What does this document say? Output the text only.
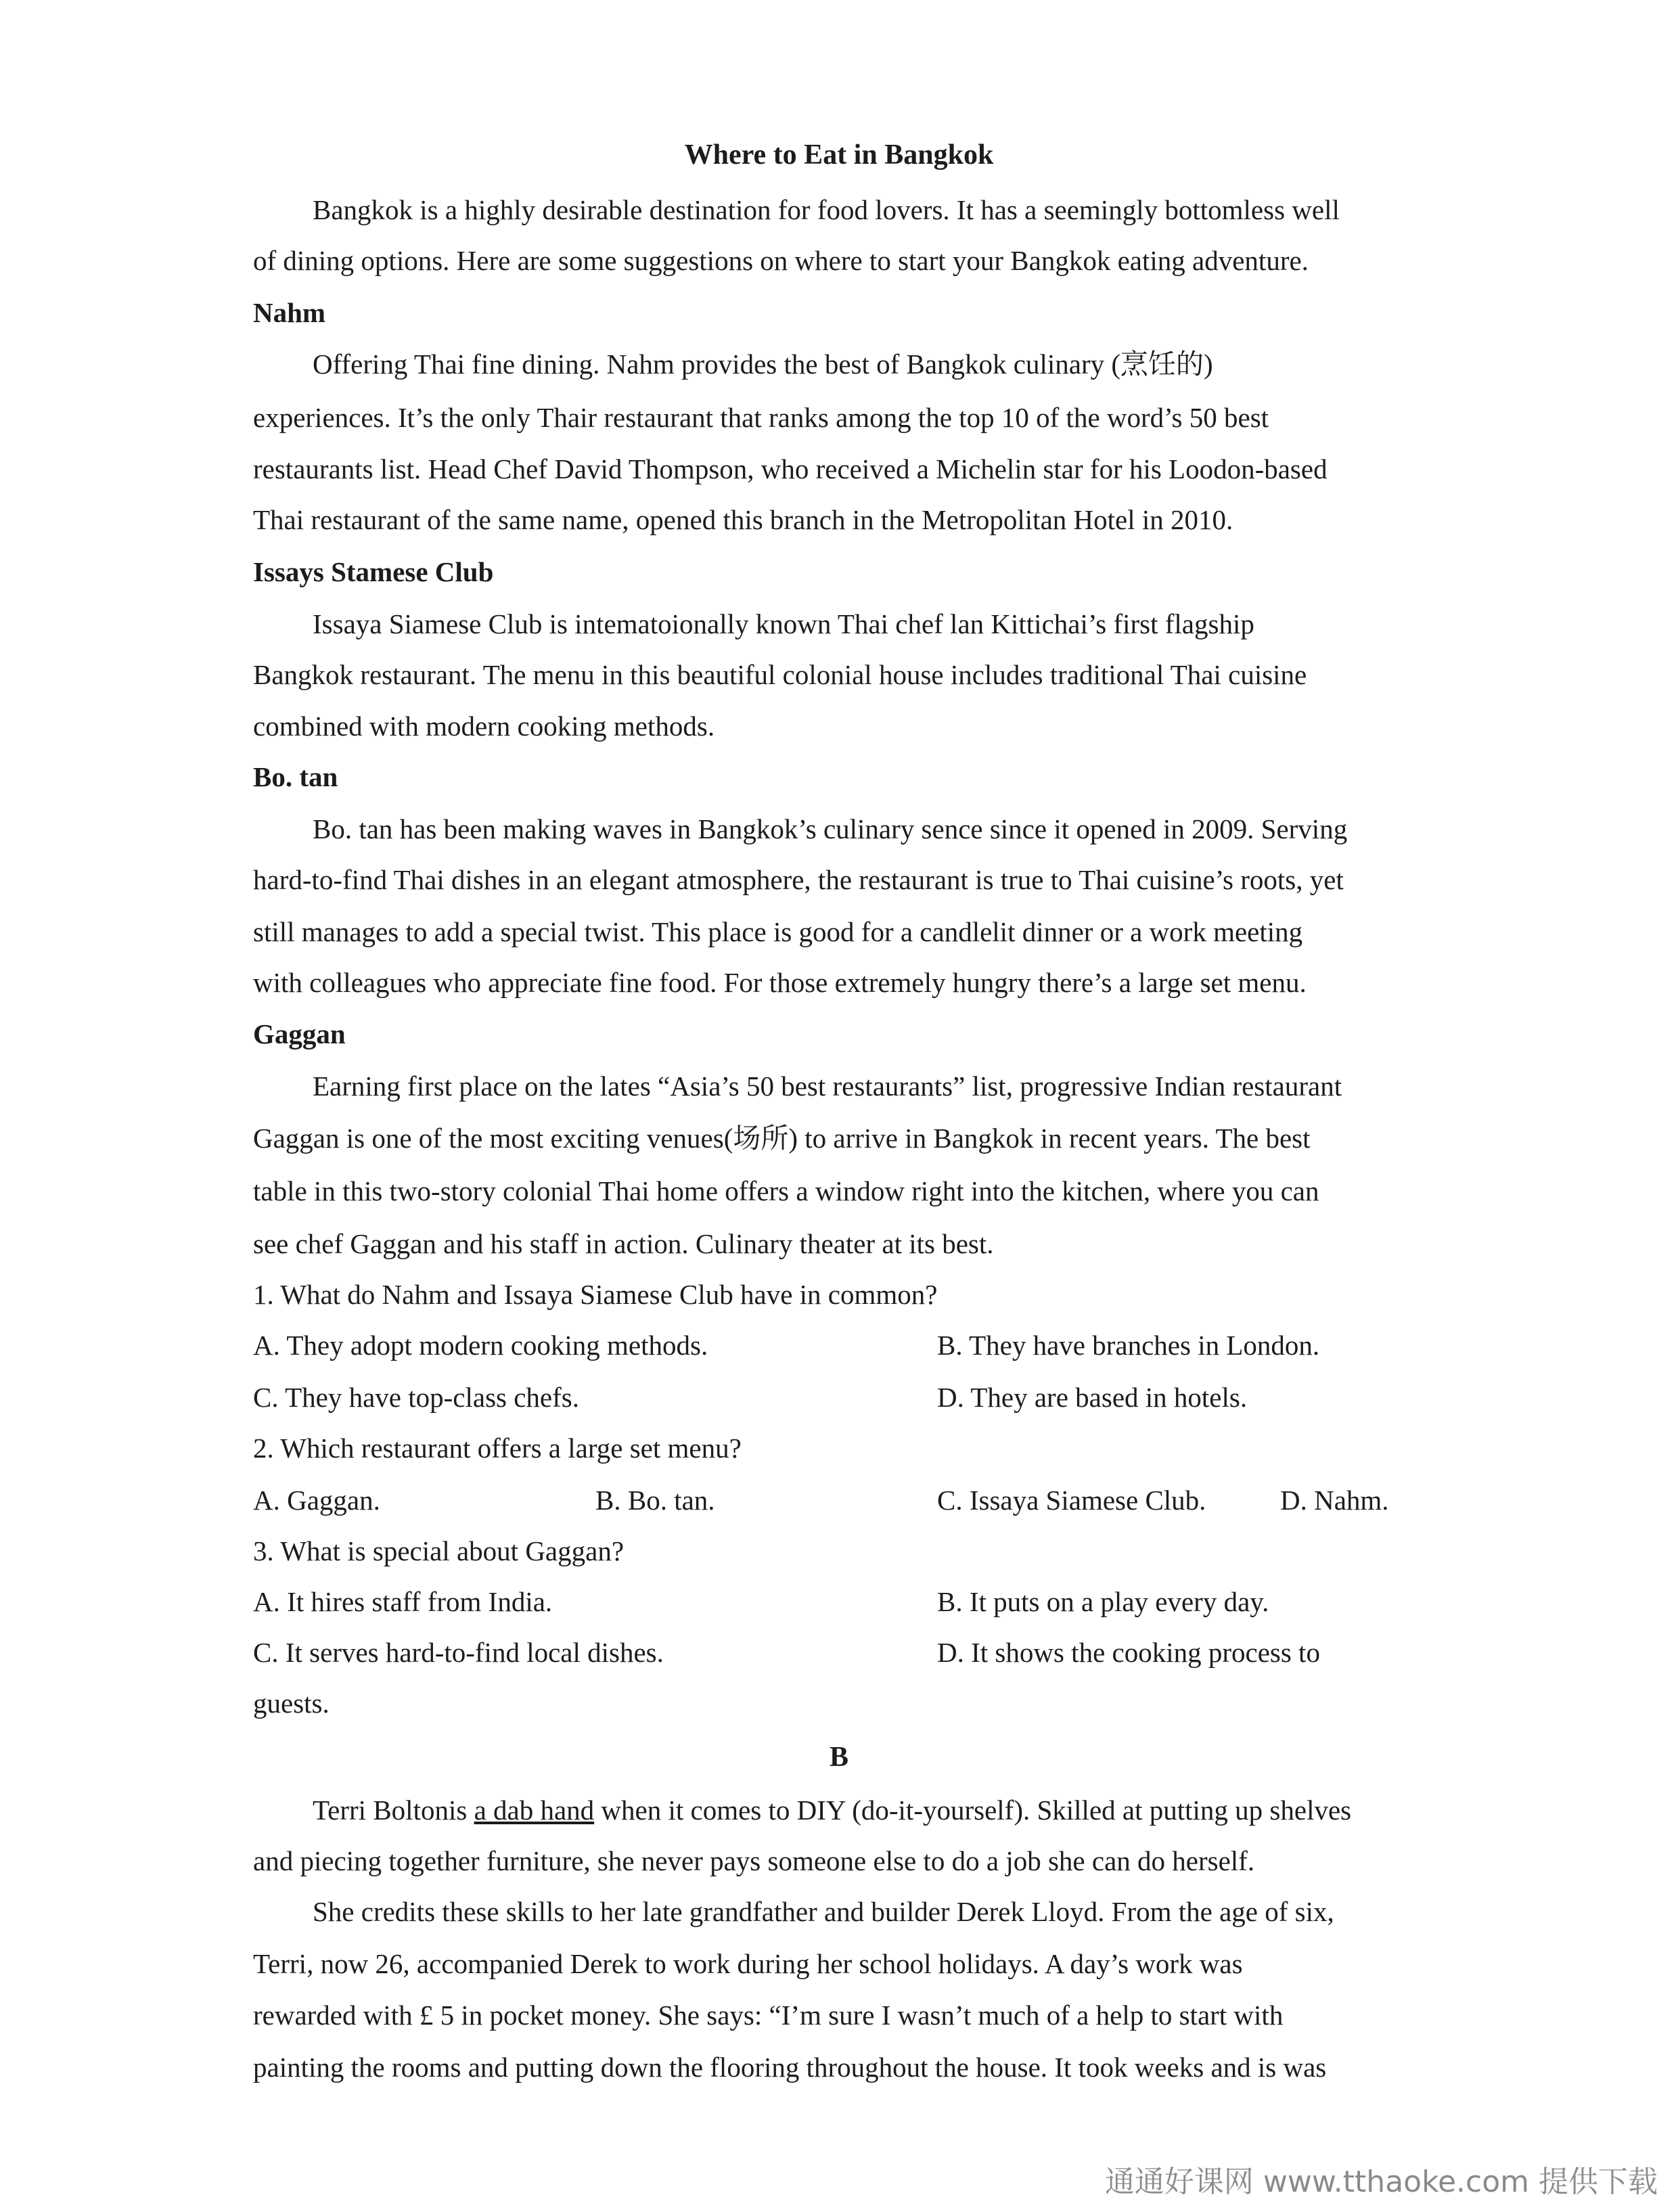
Where to Eat in Bangkok
Bangkok is a highly desirable destination for food lovers. It has a seemingly bottomless well
of dining options. Here are some suggestions on where to start your Bangkok eating adventure.
Nahm
Offering Thai fine dining. Nahm provides the best of Bangkok culinary (烹饪的)
experiences. It’s the only Thair restaurant that ranks among the top 10 of the word’s 50 best
restaurants list. Head Chef David Thompson, who received a Michelin star for his Loodon-based
Thai restaurant of the same name, opened this branch in the Metropolitan Hotel in 2010.
Issays Stamese Club
Issaya Siamese Club is intematoionally known Thai chef lan Kittichai’s first flagship
Bangkok restaurant. The menu in this beautiful colonial house includes traditional Thai cuisine
combined with modern cooking methods.
Bo. tan
Bo. tan has been making waves in Bangkok’s culinary sence since it opened in 2009. Serving
hard-to-find Thai dishes in an elegant atmosphere, the restaurant is true to Thai cuisine’s roots, yet
still manages to add a special twist. This place is good for a candlelit dinner or a work meeting
with colleagues who appreciate fine food. For those extremely hungry there’s a large set menu.
Gaggan
Earning first place on the lates “Asia’s 50 best restaurants” list, progressive Indian restaurant
Gaggan is one of the most exciting venues(场所) to arrive in Bangkok in recent years. The best
table in this two-story colonial Thai home offers a window right into the kitchen, where you can
see chef Gaggan and his staff in action. Culinary theater at its best.
1. What do Nahm and Issaya Siamese Club have in common?
A. They adopt modern cooking methods.	B. They have branches in London.
C. They have top-class chefs.	D. They are based in hotels.
2. Which restaurant offers a large set menu?
A. Gaggan.	B. Bo. tan.	C. Issaya Siamese Club.	D. Nahm.
3. What is special about Gaggan?
A. It hires staff from India.	B. It puts on a play every day.
C. It serves hard-to-find local dishes.	D. It shows the cooking process to
guests.
B
Terri Boltonis a dab hand when it comes to DIY (do-it-yourself). Skilled at putting up shelves
and piecing together furniture, she never pays someone else to do a job she can do herself.
She credits these skills to her late grandfather and builder Derek Lloyd. From the age of six,
Terri, now 26, accompanied Derek to work during her school holidays. A day’s work was
rewarded with £ 5 in pocket money. She says: “I’m sure I wasn’t much of a help to start with
painting the rooms and putting down the flooring throughout the house. It took weeks and is was
通通好课网 www.tthaoke.com 提供下载
